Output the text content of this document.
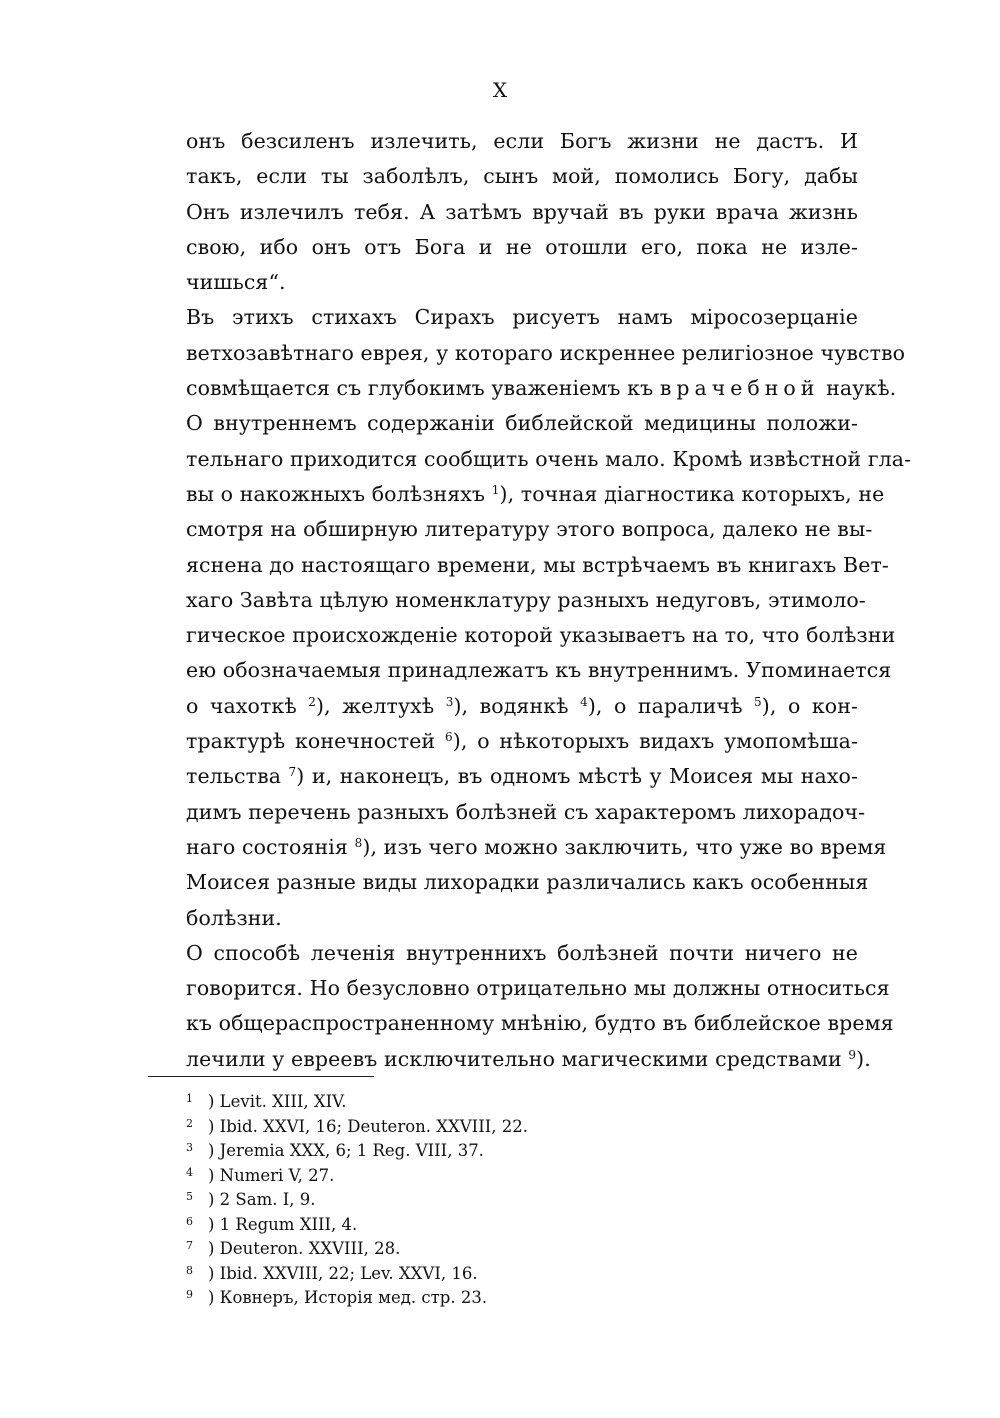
X
онъ безсиленъ излечить, если Богъ жизни не дастъ. И
такъ, если ты заболѣлъ, сынъ мой, помолись Богу, дабы
Онъ излечилъ тебя. А затѣмъ вручай въ руки врача жизнь
свою, ибо онъ отъ Бога и не отошли его, пока не изле-
чишься“.
Въ этихъ стихахъ Сирахъ рисуетъ намъ міросозерцаніе
ветхозавѣтнаго еврея, у котораго искреннее религіозное чувство
совмѣщается съ глубокимъ уваженіемъ къ врачебной наукѣ.
О внутреннемъ содержаніи библейской медицины положи-
тельнаго приходится сообщить очень мало. Кромѣ извѣстной гла-
вы о накожныхъ болѣзняхъ $^1$), точная діагностика которыхъ, не
смотря на обширную литературу этого вопроса, далеко не вы-
яснена до настоящаго времени, мы встрѣчаемъ въ книгахъ Вет-
хаго Завѣта цѣлую номенклатуру разныхъ недуговъ, этимоло-
гическое происхожденіе которой указываетъ на то, что болѣзни
ею обозначаемыя принадлежатъ къ внутреннимъ. Упоминается
о чахоткѣ $^2$), желтухѣ $^3$), водянкѣ $^4$), о параличѣ $^5$), о кон-
трактурѣ конечностей $^6$), о нѣкоторыхъ видахъ умопомѣша-
тельства $^7$) и, наконецъ, въ одномъ мѣстѣ у Моисея мы нахо-
димъ перечень разныхъ болѣзней съ характеромъ лихорадоч-
наго состоянія $^8$), изъ чего можно заключить, что уже во время
Моисея разные виды лихорадки различались какъ особенныя
болѣзни.
О способѣ леченія внутреннихъ болѣзней почти ничего не
говорится. Но безусловно отрицательно мы должны относиться
къ общераспространенному мнѣнію, будто въ библейское время
лечили у евреевъ исключительно магическими средствами $^9$).
$^1$ ) Levit. XIII, XIV.
$^2$ ) Ibid. XXVI, 16; Deuteron. XXVIII, 22.
$^3$ ) Jeremia XXX, 6; 1 Reg. VIII, 37.
$^4$ ) Numeri V, 27.
$^5$ ) 2 Sam. I, 9.
$^6$ ) 1 Regum XIII, 4.
$^7$ ) Deuteron. XXVIII, 28.
$^8$ ) Ibid. XXVIII, 22; Lev. XXVI, 16.
$^9$ ) Ковнеръ, Исторія мед. стр. 23.
